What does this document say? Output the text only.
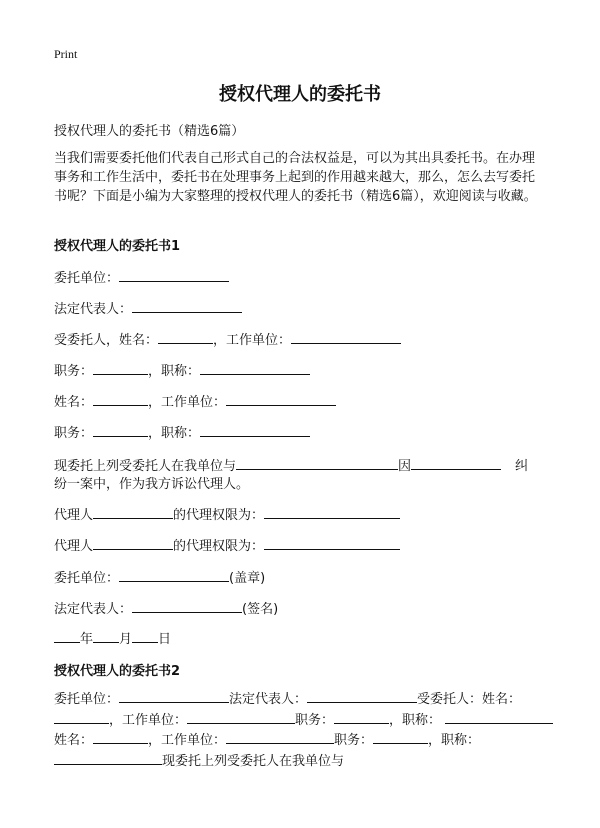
Print
授权代理人的委托书
授权代理人的委托书（精选6篇）
当我们需要委托他们代表自己形式自己的合法权益是，可以为其出具委托书。在办理事务和工作生活中，委托书在处理事务上起到的作用越来越大，那么，怎么去写委托书呢？下面是小编为大家整理的授权代理人的委托书（精选6篇），欢迎阅读与收藏。
授权代理人的委托书1
委托单位：
法定代表人：
受委托人，姓名：	，工作单位：
职务：	，职称：
姓名：	，工作单位：
职务：	，职称：
现委托上列受委托人在我单位与	因	纠
纷一案中，作为我方诉讼代理人。
代理人	的代理权限为：
代理人	的代理权限为：
委托单位：	(盖章)
法定代表人：	(签名)
年 月 日
授权代理人的委托书2
委托单位：	法定代表人：	受委托人：姓名： ，工作单位：	职务：	，职称： 姓名：	，工作单位：	职务：	，职称：现委托上列受委托人在我单位与
